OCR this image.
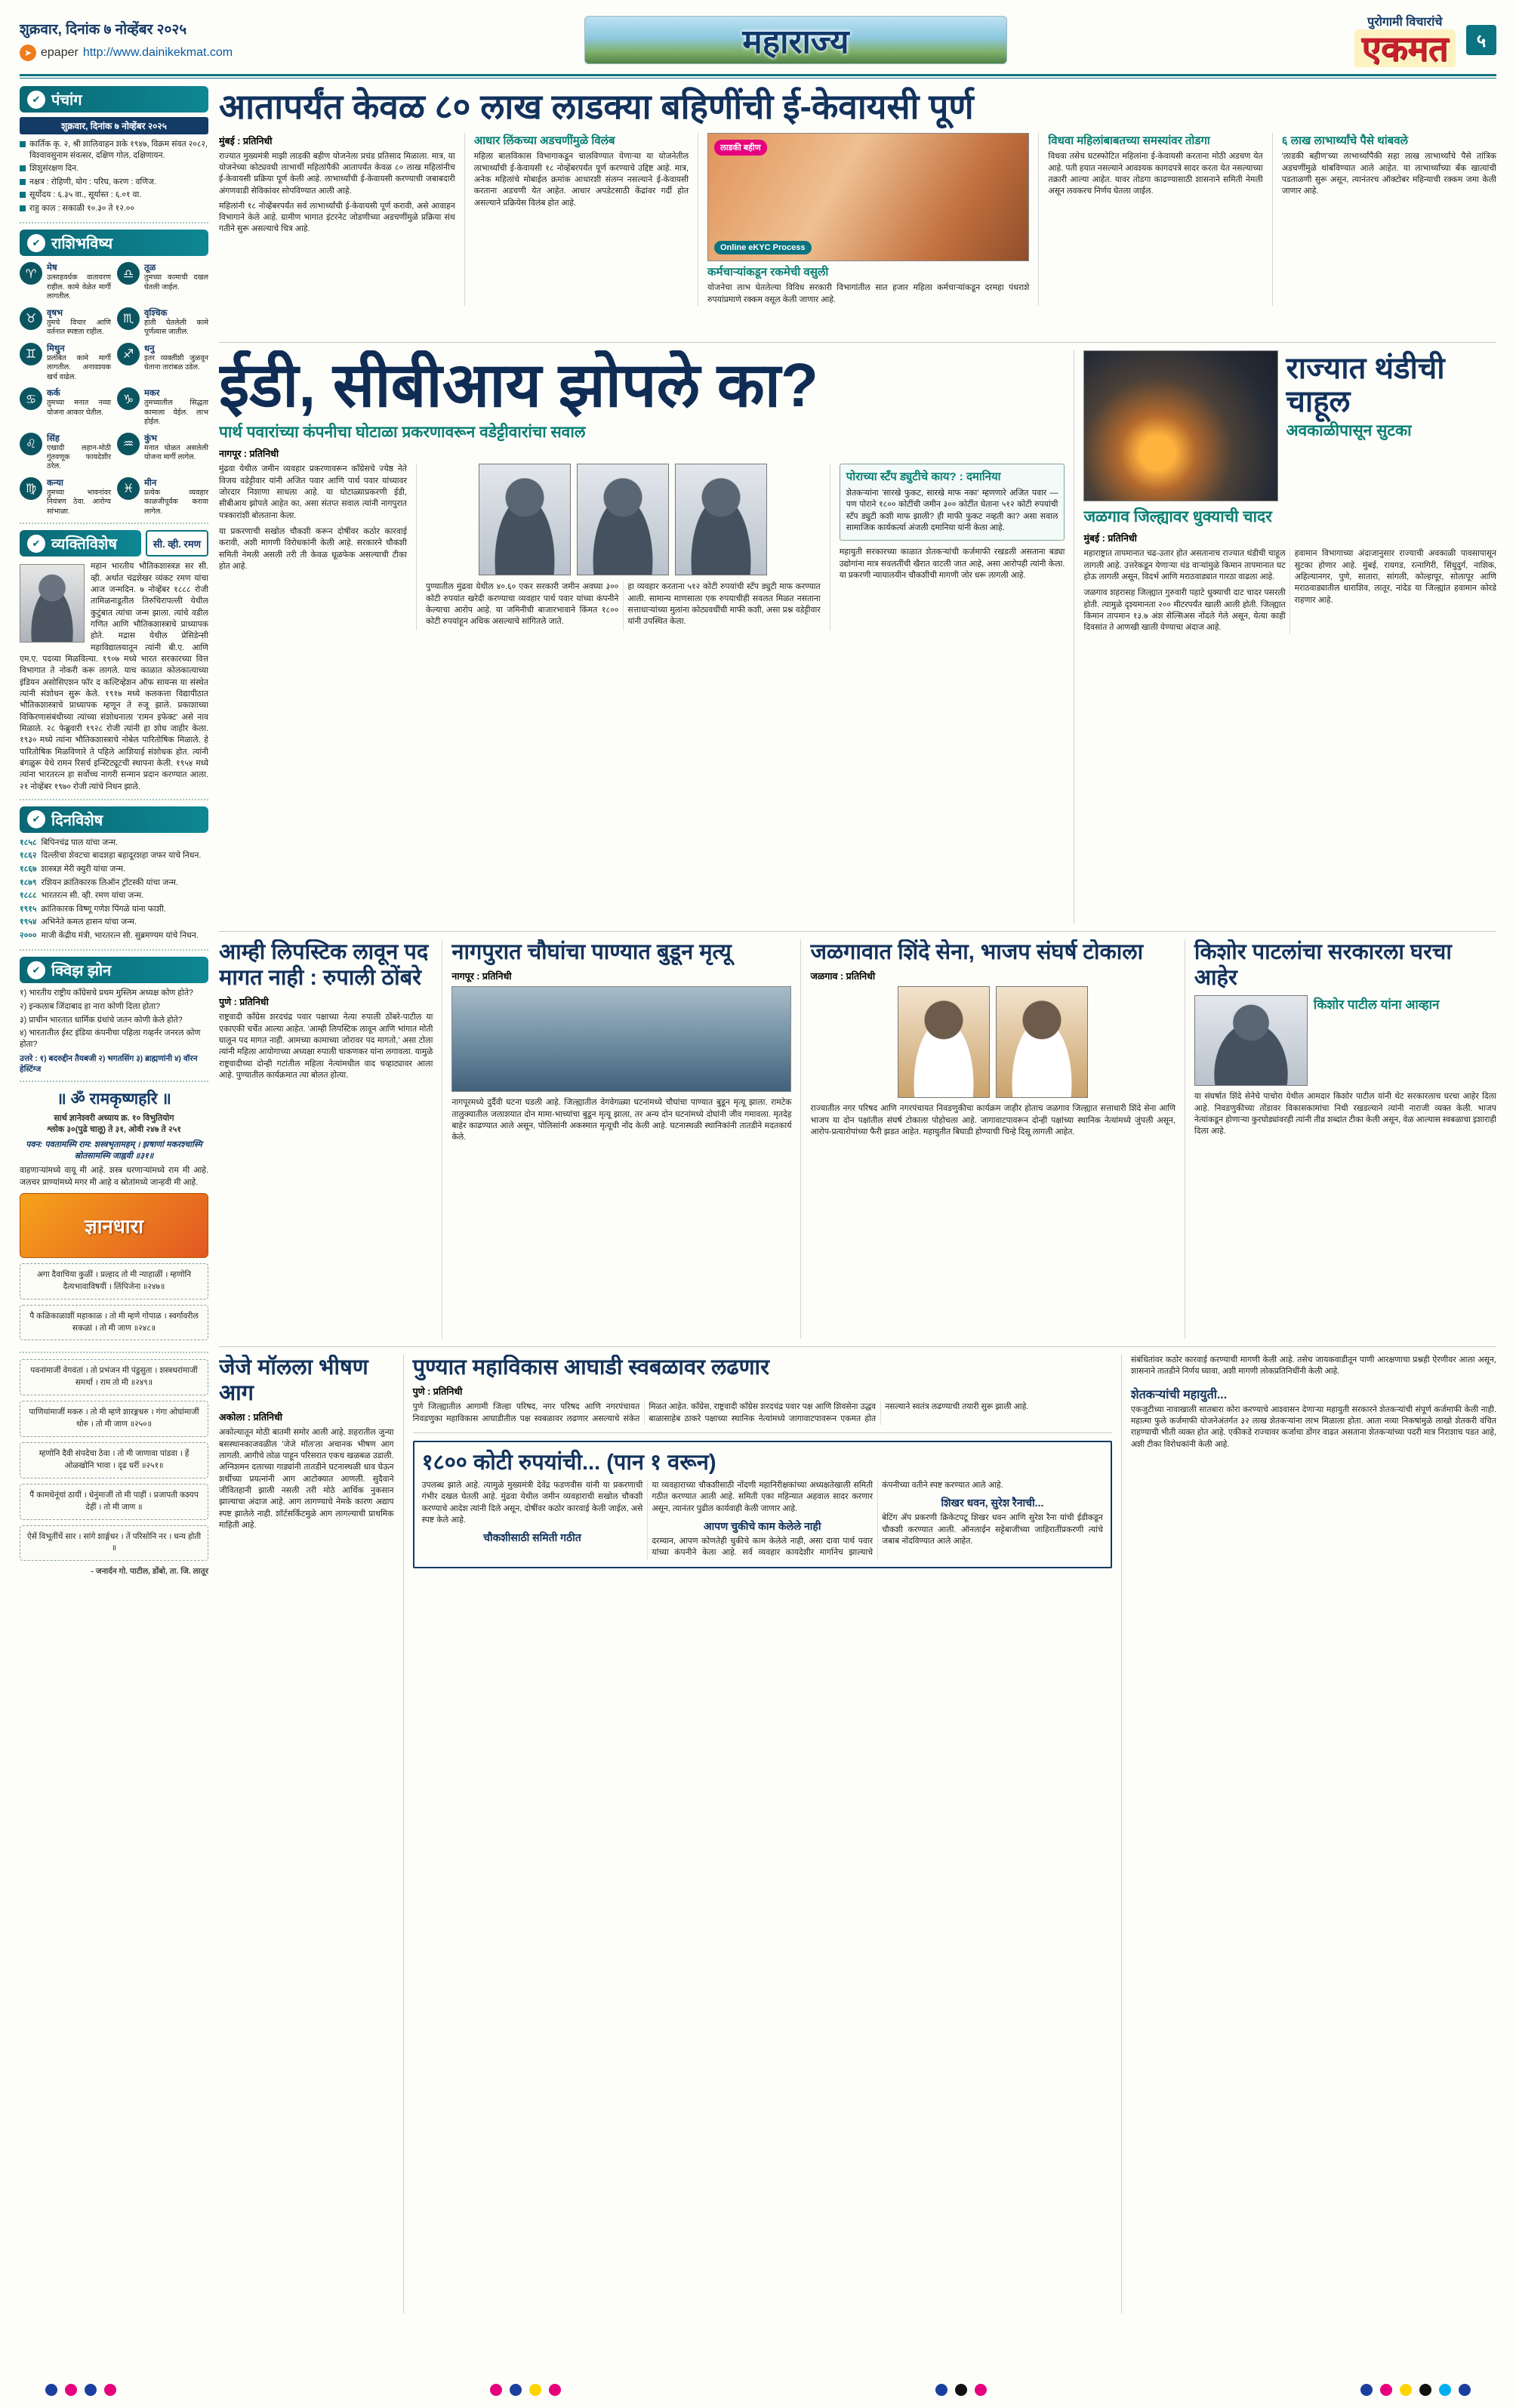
शुक्रवार, दिनांक ७ नोव्हेंबर २०२५
➤ epaper http://www.dainikekmat.com	महाराज्य
पुरोगामी विचारांचे
एकमत	५
✔ पंचांग
शुक्रवार, दिनांक ७ नोव्हेंबर २०२५
कार्तिक कृ. २, श्री शालिवाहन शके १९४७, विक्रम संवत २०८२, विश्वावसुनाम संवत्सर, दक्षिण गोल, दक्षिणायन.
शिशुसंरक्षण दिन.
नक्षत्र : रोहिणी, योग : परिघ, करण : वणिज.
सूर्योदय : ६.३५ वा., सूर्यास्त : ६.०१ वा.
राहु काल : सकाळी १०.३० ते १२.००
✔ राशिभविष्य
♈	मेष
उत्साहवर्धक वातावरण राहील. कामे वेळेत मार्गी लागतील.
♎	तूळ
तुमच्या कामाची दखल घेतली जाईल.
♉	वृषभ
तुमचे विचार आणि वर्तनात स्पष्टता राहील.
♏	वृश्चिक
हाती घेतलेली कामे पूर्णत्वास जातील.
♊	मिथुन
प्रलंबित कामे मार्गी लागतील. अनावश्यक खर्च वाढेल.
♐	धनु
इतर व्यक्तींशी जुळवून घेताना तारांबळ उडेल.
♋	कर्क
तुमच्या मनात नव्या योजना आकार घेतील.
♑	मकर
तुमच्यातील सिद्धता कामाला येईल. लाभ होईल.
♌	सिंह
एखादी लहान-मोठी गुंतवणूक फायदेशीर ठरेल.
♒	कुंभ
मनात घोळत असलेली योजना मार्गी लागेल.
♍	कन्या
तुमच्या भावनांवर नियंत्रण ठेवा. आरोग्य सांभाळा.
♓	मीन
प्रत्येक व्यवहार काळजीपूर्वक करावा लागेल.
✔ व्यक्तिविशेष	सी. व्ही. रमण

महान भारतीय भौतिकशास्त्रज्ञ सर सी. व्ही. अर्थात चंद्रशेखर व्यंकट रमण यांचा आज जन्मदिन. ७ नोव्हेंबर १८८८ रोजी तामिळनाडूतील तिरुचिरापल्ली येथील कुटुंबात त्यांचा जन्म झाला. त्यांचे वडील गणित आणि भौतिकशास्त्राचे प्राध्यापक होते. मद्रास येथील प्रेसिडेन्सी महाविद्यालयातून त्यांनी बी.ए. आणि एम.ए. पदव्या मिळविल्या. १९०७ मध्ये भारत सरकारच्या वित्त विभागात ते नोकरी करू लागले. याच काळात कोलकात्याच्या इंडियन असोसिएशन फॉर द कल्टिव्हेशन ऑफ सायन्स या संस्थेत त्यांनी संशोधन सुरू केले. १९१७ मध्ये कलकत्ता विद्यापीठात भौतिकशास्त्राचे प्राध्यापक म्हणून ते रुजू झाले. प्रकाशाच्या विकिरणासंबंधीच्या त्यांच्या संशोधनाला 'रामन इफेक्ट' असे नाव मिळाले. २८ फेब्रुवारी १९२८ रोजी त्यांनी हा शोध जाहीर केला. १९३० मध्ये त्यांना भौतिकशास्त्राचे नोबेल पारितोषिक मिळाले. हे पारितोषिक मिळविणारे ते पहिले आशियाई संशोधक होत. त्यांनी बंगळुरू येथे रामन रिसर्च इन्स्टिट्यूटची स्थापना केली. १९५४ मध्ये त्यांना भारतरत्न हा सर्वोच्च नागरी सन्मान प्रदान करण्यात आला. २१ नोव्हेंबर १९७० रोजी त्यांचे निधन झाले.

✔ दिनविशेष
१८५८ बिपिनचंद्र पाल यांचा जन्म.
१८६२ दिल्लीचा शेवटचा बादशहा बहादूरशहा जफर याचे निधन.
१८६७ शास्त्रज्ञ मेरी क्युरी यांचा जन्म.
१८७९ रशियन क्रांतिकारक लिऑन ट्रॉटस्की यांचा जन्म.
१८८८ भारतरत्न सी. व्ही. रमण यांचा जन्म.
१९१५ क्रांतिकारक विष्णू गणेश पिंगळे यांना फाशी.
१९५४ अभिनेते कमल हासन यांचा जन्म.
२००० माजी केंद्रीय मंत्री, भारतरत्न सी. सुब्रमण्यम यांचे निधन.
✔ क्विझ झोन
१) भारतीय राष्ट्रीय काँग्रेसचे प्रथम मुस्लिम अध्यक्ष कोण होते?
२) इन्कलाब जिंदाबाद हा नारा कोणी दिला होता?
३) प्राचीन भारतात धार्मिक ग्रंथांचे जतन कोणी केले होते?
४) भारतातील ईस्ट इंडिया कंपनीचा पहिला गव्हर्नर जनरल कोण होता?
उत्तरे : १) बदरुद्दीन तैयबजी २) भगतसिंग ३) ब्राह्मणांनी ४) वॉरन हेस्टिंग्ज
॥ ॐ रामकृष्णहरि ॥
सार्थ ज्ञानेश्वरी अध्याय क्र. १० विभुतियोग
श्लोक ३०(पुढे चालू) ते ३१, ओवी २४७ ते २५१
पवन: पवतामस्मि राम: शस्त्रभृतामहम् । झषाणां मकरश्चास्मि स्रोतसामस्मि जाह्नवी ॥३१॥

वाहणाऱ्यांमध्ये वायू मी आहे. शस्त्र धरणाऱ्यांमध्ये राम मी आहे. जलचर प्राण्यांमध्ये मगर मी आहे व स्रोतांमध्ये जान्हवी मी आहे.

ज्ञानधारा
अगा दैवाचिया कुळीं । प्रल्हाद तो मी न्याहाळीं । म्हणोनि दैत्यभावाविषयीं । लिंपिजेना ॥२४७॥
पै कळिकाळाशीं महाकाळ । तो मी म्हणे गोपाळ । स्वर्गावरील सकळां । तो मी जाण ॥२४८॥
पवनांमाजीं वेगवंतां । तो प्रभंजन मी पंडुसुता । शस्त्रधरांमाजीं समर्था । राम तो मी ॥२४९॥
पाणियांमाजीं मकरु । तो मी म्हणे शारङ्गधरु । गंगा ओघांमाजीं थोरु । तो मी जाण ॥२५०॥
म्हणोनि दैवी संपदेचा ठेवा । तो मी जाणावा पांडवा । हें ओळखोनि भावा । दृढ धरीं ॥२५१॥
पैं कामधेनूंचां ठायीं । धेनुंमाजीं तो मी पाहीं । प्रजापती कश्यप देहीं । तो मी जाण ॥
ऐसें विभूतींचें सार । सांगे शार्ङ्गधर । तें परिसोनि नर । धन्य होती ॥
- जनार्दन गो. पाटील, डोंबो, ता. जि. लातूर
आतापर्यंत केवळ ८० लाख लाडक्या बहिणींची ई-केवायसी पूर्ण
मुंबई : प्रतिनिधी

राज्यात मुख्यमंत्री माझी लाडकी बहीण योजनेला प्रचंड प्रतिसाद मिळाला. मात्र, या योजनेच्या कोट्यवधी लाभार्थी महिलांपैकी आतापर्यंत केवळ ८० लाख महिलांनीच ई-केवायसी प्रक्रिया पूर्ण केली आहे. लाभार्थ्यांची ई-केवायसी करण्याची जबाबदारी अंगणवाडी सेविकांवर सोपविण्यात आली आहे.

महिलांनी १८ नोव्हेंबरपर्यंत सर्व लाभार्थ्यांची ई-केवायसी पूर्ण करावी, असे आवाहन विभागाने केले आहे. ग्रामीण भागात इंटरनेट जोडणीच्या अडचणींमुळे प्रक्रिया संथ गतीने सुरू असल्याचे चित्र आहे.

आधार लिंकच्या अडचणींमुळे विलंब

महिला बालविकास विभागाकडून चालविण्यात येणाऱ्या या योजनेतील लाभार्थ्यांची ई-केवायसी १८ नोव्हेंबरपर्यंत पूर्ण करण्याचे उद्दिष्ट आहे. मात्र, अनेक महिलांचे मोबाईल क्रमांक आधारशी संलग्न नसल्याने ई-केवायसी करताना अडचणी येत आहेत. आधार अपडेटसाठी केंद्रांवर गर्दी होत असल्याने प्रक्रियेस विलंब होत आहे.

लाडकी बहीण
Online eKYC Process
कर्मचाऱ्यांकडून रकमेची वसुली

योजनेचा लाभ घेतलेल्या विविध सरकारी विभागांतील सात हजार महिला कर्मचाऱ्यांकडून दरमहा पंधराशे रुपयांप्रमाणे रक्कम वसूल केली जाणार आहे.

विधवा महिलांबाबतच्या समस्यांवर तोडगा

विधवा तसेच घटस्फोटित महिलांना ई-केवायसी करताना मोठी अडचण येत आहे. पती हयात नसल्याने आवश्यक कागदपत्रे सादर करता येत नसल्याच्या तक्रारी आल्या आहेत. यावर तोडगा काढण्यासाठी शासनाने समिती नेमली असून लवकरच निर्णय घेतला जाईल.

६ लाख लाभार्थ्यांचे पैसे थांबवले

'लाडकी बहीण'च्या लाभार्थ्यांपैकी सहा लाख लाभार्थ्यांचे पैसे तांत्रिक अडचणींमुळे थांबविण्यात आले आहेत. या लाभार्थ्यांच्या बँक खात्यांची पडताळणी सुरू असून, त्यानंतरच ऑक्टोबर महिन्याची रक्कम जमा केली जाणार आहे.

ईडी, सीबीआय झोपले का?
पार्थ पवारांच्या कंपनीचा घोटाळा प्रकरणावरून वडेट्टीवारांचा सवाल
नागपूर : प्रतिनिधी

मुंढवा येथील जमीन व्यवहार प्रकरणावरून काँग्रेसचे ज्येष्ठ नेते विजय वडेट्टीवार यांनी अजित पवार आणि पार्थ पवार यांच्यावर जोरदार निशाणा साधला आहे. या घोटाळ्याप्रकरणी ईडी, सीबीआय झोपले आहेत का, असा संतप्त सवाल त्यांनी नागपुरात पत्रकारांशी बोलताना केला.

या प्रकरणाची सखोल चौकशी करून दोषींवर कठोर कारवाई करावी, अशी मागणी विरोधकांनी केली आहे. सरकारने चौकशी समिती नेमली असली तरी ती केवळ धूळफेक असल्याची टीका होत आहे.

पुण्यातील मुंढवा येथील ४०.६० एकर सरकारी जमीन अवघ्या ३०० कोटी रुपयांत खरेदी करण्याचा व्यवहार पार्थ पवार यांच्या कंपनीने केल्याचा आरोप आहे. या जमिनीची बाजारभावाने किंमत १८०० कोटी रुपयांहून अधिक असल्याचे सांगितले जाते.

हा व्यवहार करताना ५१२ कोटी रुपयांची स्टँप ड्युटी माफ करण्यात आली. सामान्य माणसाला एक रुपयाचीही सवलत मिळत नसताना सत्ताधाऱ्यांच्या मुलांना कोट्यवधींची माफी कशी, असा प्रश्न वडेट्टीवार यांनी उपस्थित केला.

पोराच्या स्टँप ड्युटीचे काय? : दमानिया

शेतकऱ्यांना 'सारखे फुकट, सारखे माफ नका' म्हणणारे अजित पवार — पण पोराने १८०० कोटींची जमीन ३०० कोटींत घेताना ५१२ कोटी रुपयांची स्टँप ड्युटी कशी माफ झाली? ही माफी फुकट नव्हती का? असा सवाल सामाजिक कार्यकर्त्या अंजली दमानिया यांनी केला आहे.

महायुती सरकारच्या काळात शेतकऱ्यांची कर्जमाफी रखडली असताना बड्या उद्योगांना मात्र सवलतींची खैरात वाटली जात आहे, असा आरोपही त्यांनी केला. या प्रकरणी न्यायालयीन चौकशीची मागणी जोर धरू लागली आहे.

राज्यात थंडीची चाहूल
अवकाळीपासून सुटका
जळगाव जिल्ह्यावर धुक्याची चादर
मुंबई : प्रतिनिधी

महाराष्ट्रात तापमानात चढ-उतार होत असतानाच राज्यात थंडीची चाहूल लागली आहे. उत्तरेकडून येणाऱ्या थंड वाऱ्यांमुळे किमान तापमानात घट होऊ लागली असून, विदर्भ आणि मराठवाड्यात गारठा वाढला आहे.

जळगाव शहरासह जिल्ह्यात गुरुवारी पहाटे धुक्याची दाट चादर पसरली होती. त्यामुळे दृश्यमानता २०० मीटरपर्यंत खाली आली होती. जिल्ह्यात किमान तापमान १३.७ अंश सेल्सिअस नोंदले गेले असून, येत्या काही दिवसांत ते आणखी खाली येण्याचा अंदाज आहे.

हवामान विभागाच्या अंदाजानुसार राज्याची अवकाळी पावसापासून सुटका होणार आहे. मुंबई, रायगड, रत्नागिरी, सिंधुदुर्ग, नाशिक, अहिल्यानगर, पुणे, सातारा, सांगली, कोल्हापूर, सोलापूर आणि मराठवाड्यातील धाराशिव, लातूर, नांदेड या जिल्ह्यांत हवामान कोरडे राहणार आहे.

आम्ही लिपस्टिक लावून पद मागत नाही : रुपाली ठोंबरे
पुणे : प्रतिनिधी

राष्ट्रवादी काँग्रेस शरदचंद्र पवार पक्षाच्या नेत्या रुपाली ठोंबरे-पाटील या एकाएकी चर्चेत आल्या आहेत. 'आम्ही लिपस्टिक लावून आणि भांगात मोती घालून पद मागत नाही. आमच्या कामाच्या जोरावर पद मागतो,' असा टोला त्यांनी महिला आयोगाच्या अध्यक्षा रुपाली चाकणकर यांना लगावला. यामुळे राष्ट्रवादीच्या दोन्ही गटांतील महिला नेत्यांमधील वाद चव्हाट्यावर आला आहे. पुण्यातील कार्यक्रमात त्या बोलत होत्या.

नागपुरात चौघांचा पाण्यात बुडून मृत्यू
नागपूर : प्रतिनिधी

नागपूरमध्ये दुर्दैवी घटना घडली आहे. जिल्ह्यातील वेगवेगळ्या घटनांमध्ये चौघांचा पाण्यात बुडून मृत्यू झाला. रामटेक तालुक्यातील जलाशयात दोन मामा-भाच्यांचा बुडून मृत्यू झाला, तर अन्य दोन घटनांमध्ये दोघांनी जीव गमावला. मृतदेह बाहेर काढण्यात आले असून, पोलिसांनी अकस्मात मृत्यूची नोंद केली आहे. घटनास्थळी स्थानिकांनी तातडीने मदतकार्य केले.

जळगावात शिंदे सेना, भाजप संघर्ष टोकाला
जळगाव : प्रतिनिधी

राज्यातील नगर परिषद आणि नगरपंचायत निवडणुकीचा कार्यक्रम जाहीर होताच जळगाव जिल्ह्यात सत्ताधारी शिंदे सेना आणि भाजप या दोन पक्षांतील संघर्ष टोकाला पोहोचला आहे. जागावाटपावरून दोन्ही पक्षांच्या स्थानिक नेत्यांमध्ये जुंपली असून, आरोप-प्रत्यारोपांच्या फैरी झडत आहेत. महायुतीत बिघाडी होण्याची चिन्हे दिसू लागली आहेत.

किशोर पाटलांचा सरकारला घरचा आहेर
किशोर पाटील यांना आव्हान

या संघर्षात शिंदे सेनेचे पाचोरा येथील आमदार किशोर पाटील यांनी थेट सरकारलाच घरचा आहेर दिला आहे. निवडणुकीच्या तोंडावर विकासकामांचा निधी रखडल्याने त्यांनी नाराजी व्यक्त केली. भाजप नेत्यांकडून होणाऱ्या कुरघोड्यांवरही त्यांनी तीव्र शब्दांत टीका केली असून, वेळ आल्यास स्वबळाचा इशाराही दिला आहे.

जेजे मॉलला भीषण आग
अकोला : प्रतिनिधी

अकोल्यातून मोठी बातमी समोर आली आहे. शहरातील जुन्या बसस्थानकाजवळील 'जेजे मॉल'ला अचानक भीषण आग लागली. आगीचे लोळ पाहून परिसरात एकच खळबळ उडाली. अग्निशमन दलाच्या गाड्यांनी तातडीने घटनास्थळी धाव घेऊन शर्थीच्या प्रयत्नांनी आग आटोक्यात आणली. सुदैवाने जीवितहानी झाली नसली तरी मोठे आर्थिक नुकसान झाल्याचा अंदाज आहे. आग लागण्याचे नेमके कारण अद्याप स्पष्ट झालेले नाही. शॉर्टसर्किटमुळे आग लागल्याची प्राथमिक माहिती आहे.

पुण्यात महाविकास आघाडी स्वबळावर लढणार
पुणे : प्रतिनिधी

पुणे जिल्ह्यातील आगामी जिल्हा परिषद, नगर परिषद आणि नगरपंचायत निवडणुका महाविकास आघाडीतील पक्ष स्वबळावर लढणार असल्याचे संकेत मिळत आहेत. काँग्रेस, राष्ट्रवादी काँग्रेस शरदचंद्र पवार पक्ष आणि शिवसेना उद्धव बाळासाहेब ठाकरे पक्षाच्या स्थानिक नेत्यांमध्ये जागावाटपावरून एकमत होत नसल्याने स्वतंत्र लढण्याची तयारी सुरू झाली आहे.

१८०० कोटी रुपयांची... (पान १ वरून)

उपलब्ध झाले आहे. त्यामुळे मुख्यमंत्री देवेंद्र फडणवीस यांनी या प्रकरणाची गंभीर दखल घेतली आहे. मुंढवा येथील जमीन व्यवहाराची सखोल चौकशी करण्याचे आदेश त्यांनी दिले असून, दोषींवर कठोर कारवाई केली जाईल, असे स्पष्ट केले आहे.

चौकशीसाठी समिती गठीत

या व्यवहाराच्या चौकशीसाठी नोंदणी महानिरीक्षकांच्या अध्यक्षतेखाली समिती गठीत करण्यात आली आहे. समिती एका महिन्यात अहवाल सादर करणार असून, त्यानंतर पुढील कार्यवाही केली जाणार आहे.

आपण चुकीचे काम केलेले नाही

दरम्यान, आपण कोणतेही चुकीचे काम केलेले नाही, असा दावा पार्थ पवार यांच्या कंपनीने केला आहे. सर्व व्यवहार कायदेशीर मार्गानेच झाल्याचे कंपनीच्या वतीने स्पष्ट करण्यात आले आहे.

शिखर धवन, सुरेश रैनाची...

बेटिंग ॲप प्रकरणी क्रिकेटपटू शिखर धवन आणि सुरेश रैना यांची ईडीकडून चौकशी करण्यात आली. ऑनलाईन सट्टेबाजीच्या जाहिरातींप्रकरणी त्यांचे जबाब नोंदविण्यात आले आहेत.

संबंधितांवर कठोर कारवाई करण्याची मागणी केली आहे. तसेच जायकवाडीतून पाणी आरक्षणाचा प्रश्नही ऐरणीवर आला असून, शासनाने तातडीने निर्णय घ्यावा, अशी मागणी लोकप्रतिनिधींनी केली आहे.

शेतकऱ्यांची महायुती...

एकजुटीच्या नावाखाली सातबारा कोरा करण्याचे आश्वासन देणाऱ्या महायुती सरकारने शेतकऱ्यांची संपूर्ण कर्जमाफी केली नाही. महात्मा फुले कर्जमाफी योजनेअंतर्गत ३२ लाख शेतकऱ्यांना लाभ मिळाला होता. आता नव्या निकषांमुळे लाखो शेतकरी वंचित राहण्याची भीती व्यक्त होत आहे. एकीकडे राज्यावर कर्जाचा डोंगर वाढत असताना शेतकऱ्यांच्या पदरी मात्र निराशाच पडत आहे, अशी टीका विरोधकांनी केली आहे.
